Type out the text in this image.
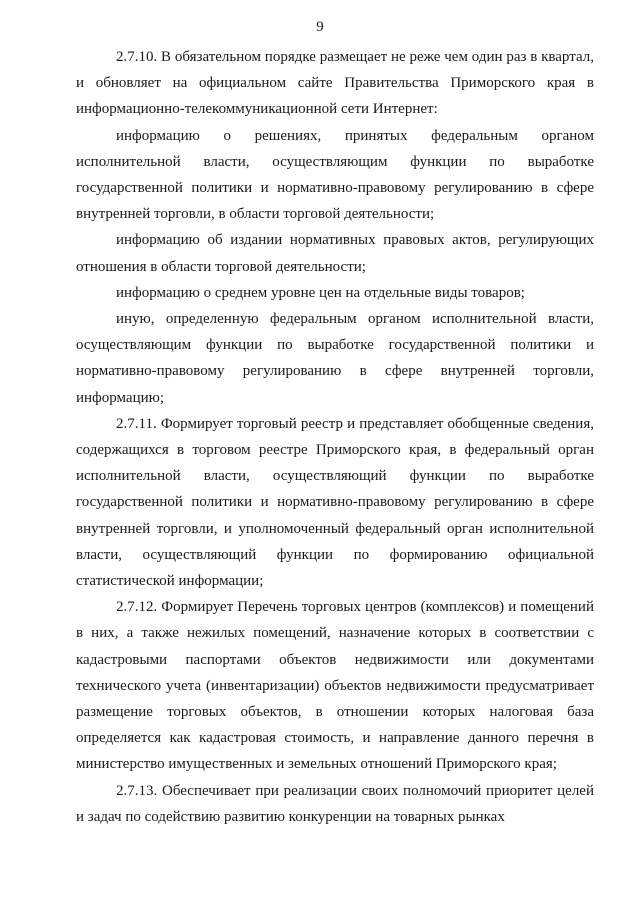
9

2.7.10. В обязательном порядке размещает не реже чем один раз в квартал, и обновляет на официальном сайте Правительства Приморского края в информационно-телекоммуникационной сети Интернет:

информацию о решениях, принятых федеральным органом исполнительной власти, осуществляющим функции по выработке государственной политики и нормативно-правовому регулированию в сфере внутренней торговли, в области торговой деятельности;

информацию об издании нормативных правовых актов, регулирующих отношения в области торговой деятельности;

информацию о среднем уровне цен на отдельные виды товаров;

иную, определенную федеральным органом исполнительной власти, осуществляющим функции по выработке государственной политики и нормативно-правовому регулированию в сфере внутренней торговли, информацию;

2.7.11. Формирует торговый реестр и представляет обобщенные сведения, содержащихся в торговом реестре Приморского края, в федеральный орган исполнительной власти, осуществляющий функции по выработке государственной политики и нормативно-правовому регулированию в сфере внутренней торговли, и уполномоченный федеральный орган исполнительной власти, осуществляющий функции по формированию официальной статистической информации;

2.7.12. Формирует Перечень торговых центров (комплексов) и помещений в них, а также нежилых помещений, назначение которых в соответствии с кадастровыми паспортами объектов недвижимости или документами технического учета (инвентаризации) объектов недвижимости предусматривает размещение торговых объектов, в отношении которых налоговая база определяется как кадастровая стоимость, и направление данного перечня в министерство имущественных и земельных отношений Приморского края;

2.7.13. Обеспечивает при реализации своих полномочий приоритет целей и задач по содействию развитию конкуренции на товарных рынках
